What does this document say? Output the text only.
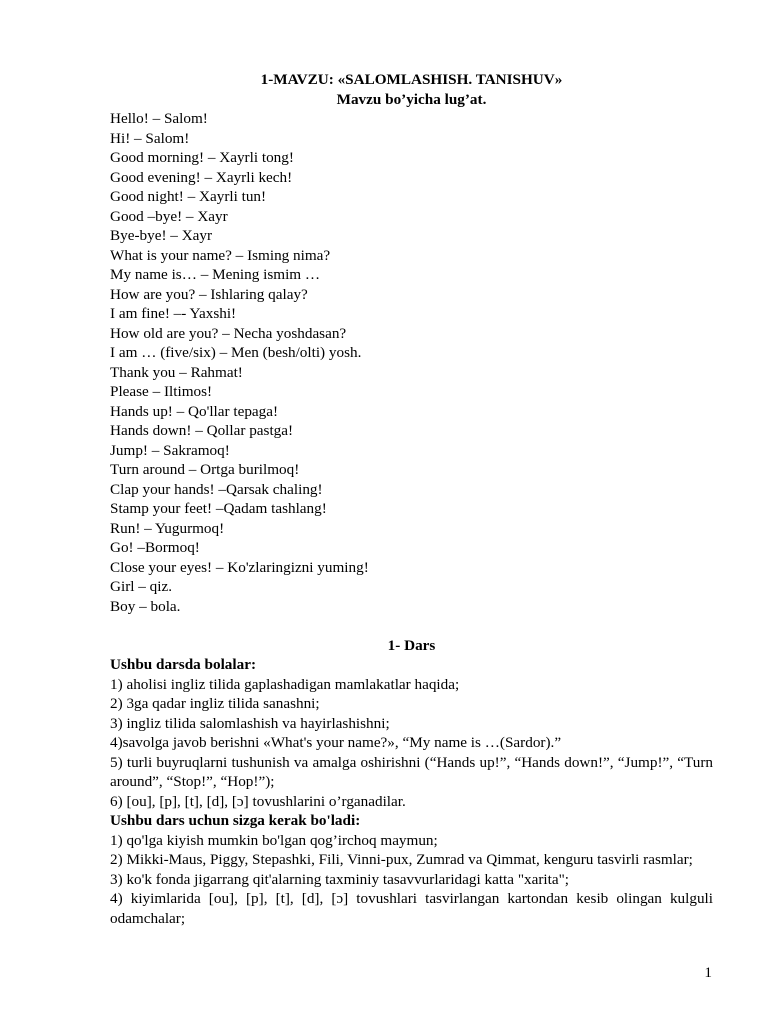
1-MAVZU: «SALOMLASHISH. TANISHUV»

Mavzu bo’yicha lug’at.

Hello! – Salom!

Hi! – Salom!

Good morning! – Xayrli tong!

Good evening! – Xayrli kech!

Good night! – Xayrli tun!

Good –bye! – Xayr

Bye-bye! – Xayr

What is your name? – Isming nima?

My name is… – Mening ismim …

How are you? – Ishlaring qalay?

I am fine! –- Yaxshi!

How old are you? – Necha yoshdasan?

I am … (five/six) – Men (besh/olti) yosh.

Thank you – Rahmat!

Please – Iltimos!

Hands up! – Qo'llar tepaga!

Hands down! – Qollar pastga!

Jump! – Sakramoq!

Turn around – Ortga burilmoq!

Clap your hands! –Qarsak chaling!

Stamp your feet! –Qadam tashlang!

Run! – Yugurmoq!

Go! –Bormoq!

Close your eyes! – Ko'zlaringizni yuming!

Girl – qiz.

Boy – bola.

1- Dars

Ushbu darsda bolalar:

1) aholisi ingliz tilida gaplashadigan mamlakatlar haqida;

2) 3ga qadar ingliz tilida sanashni;

3) ingliz tilida salomlashish va hayirlashishni;

4)savolga javob berishni «What's your name?», “My name is …(Sardor).”

5) turli buyruqlarni tushunish va amalga oshirishni (“Hands up!”, “Hands down!”, “Jump!”, “Turn around”, “Stop!”, “Hop!”);

6) [ou], [p], [t], [d], [ɔ] tovushlarini o’rganadilar.

Ushbu dars uchun sizga kerak bo'ladi:

1) qo'lga kiyish mumkin bo'lgan qog’irchoq maymun;

2) Mikki-Maus, Piggy, Stepashki, Fili, Vinni-pux, Zumrad va Qimmat, kenguru tasvirli rasmlar;

3) ko'k fonda jigarrang qit'alarning taxminiy tasavvurlaridagi katta "xarita";

4) kiyimlarida [ou], [p], [t], [d], [ɔ] tovushlari tasvirlangan kartondan kesib olingan kulguli odamchalar;

1
